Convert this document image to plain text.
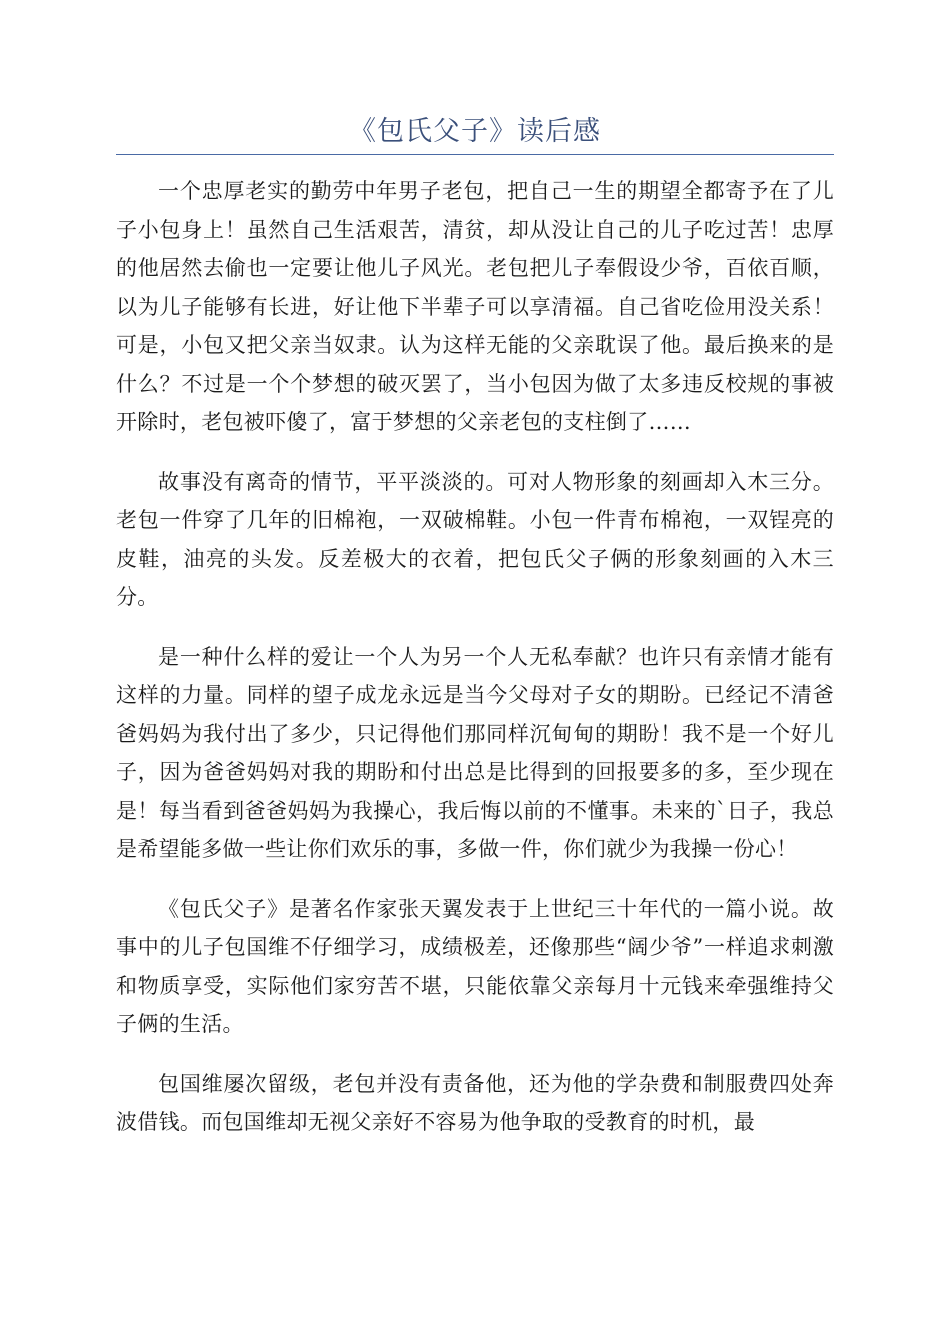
《包氏父子》读后感

一个忠厚老实的勤劳中年男子老包，把自己一生的期望全都寄予在了儿子小包身上！虽然自己生活艰苦，清贫，却从没让自己的儿子吃过苦！忠厚的他居然去偷也一定要让他儿子风光。老包把儿子奉假设少爷，百依百顺，以为儿子能够有长进，好让他下半辈子可以享清福。自己省吃俭用没关系！可是，小包又把父亲当奴隶。认为这样无能的父亲耽误了他。最后换来的是什么？不过是一个个梦想的破灭罢了，当小包因为做了太多违反校规的事被开除时，老包被吓傻了，富于梦想的父亲老包的支柱倒了……

故事没有离奇的情节，平平淡淡的。可对人物形象的刻画却入木三分。老包一件穿了几年的旧棉袍，一双破棉鞋。小包一件青布棉袍，一双锃亮的皮鞋，油亮的头发。反差极大的衣着，把包氏父子俩的形象刻画的入木三分。

是一种什么样的爱让一个人为另一个人无私奉献？也许只有亲情才能有这样的力量。同样的望子成龙永远是当今父母对子女的期盼。已经记不清爸爸妈妈为我付出了多少，只记得他们那同样沉甸甸的期盼！我不是一个好儿子，因为爸爸妈妈对我的期盼和付出总是比得到的回报要多的多，至少现在是！每当看到爸爸妈妈为我操心，我后悔以前的不懂事。未来的`日子，我总是希望能多做一些让你们欢乐的事，多做一件，你们就少为我操一份心！

《包氏父子》是著名作家张天翼发表于上世纪三十年代的一篇小说。故事中的儿子包国维不仔细学习，成绩极差，还像那些“阔少爷”一样追求刺激和物质享受，实际他们家穷苦不堪，只能依靠父亲每月十元钱来牵强维持父子俩的生活。

包国维屡次留级，老包并没有责备他，还为他的学杂费和制服费四处奔波借钱。而包国维却无视父亲好不容易为他争取的受教育的时机，最
